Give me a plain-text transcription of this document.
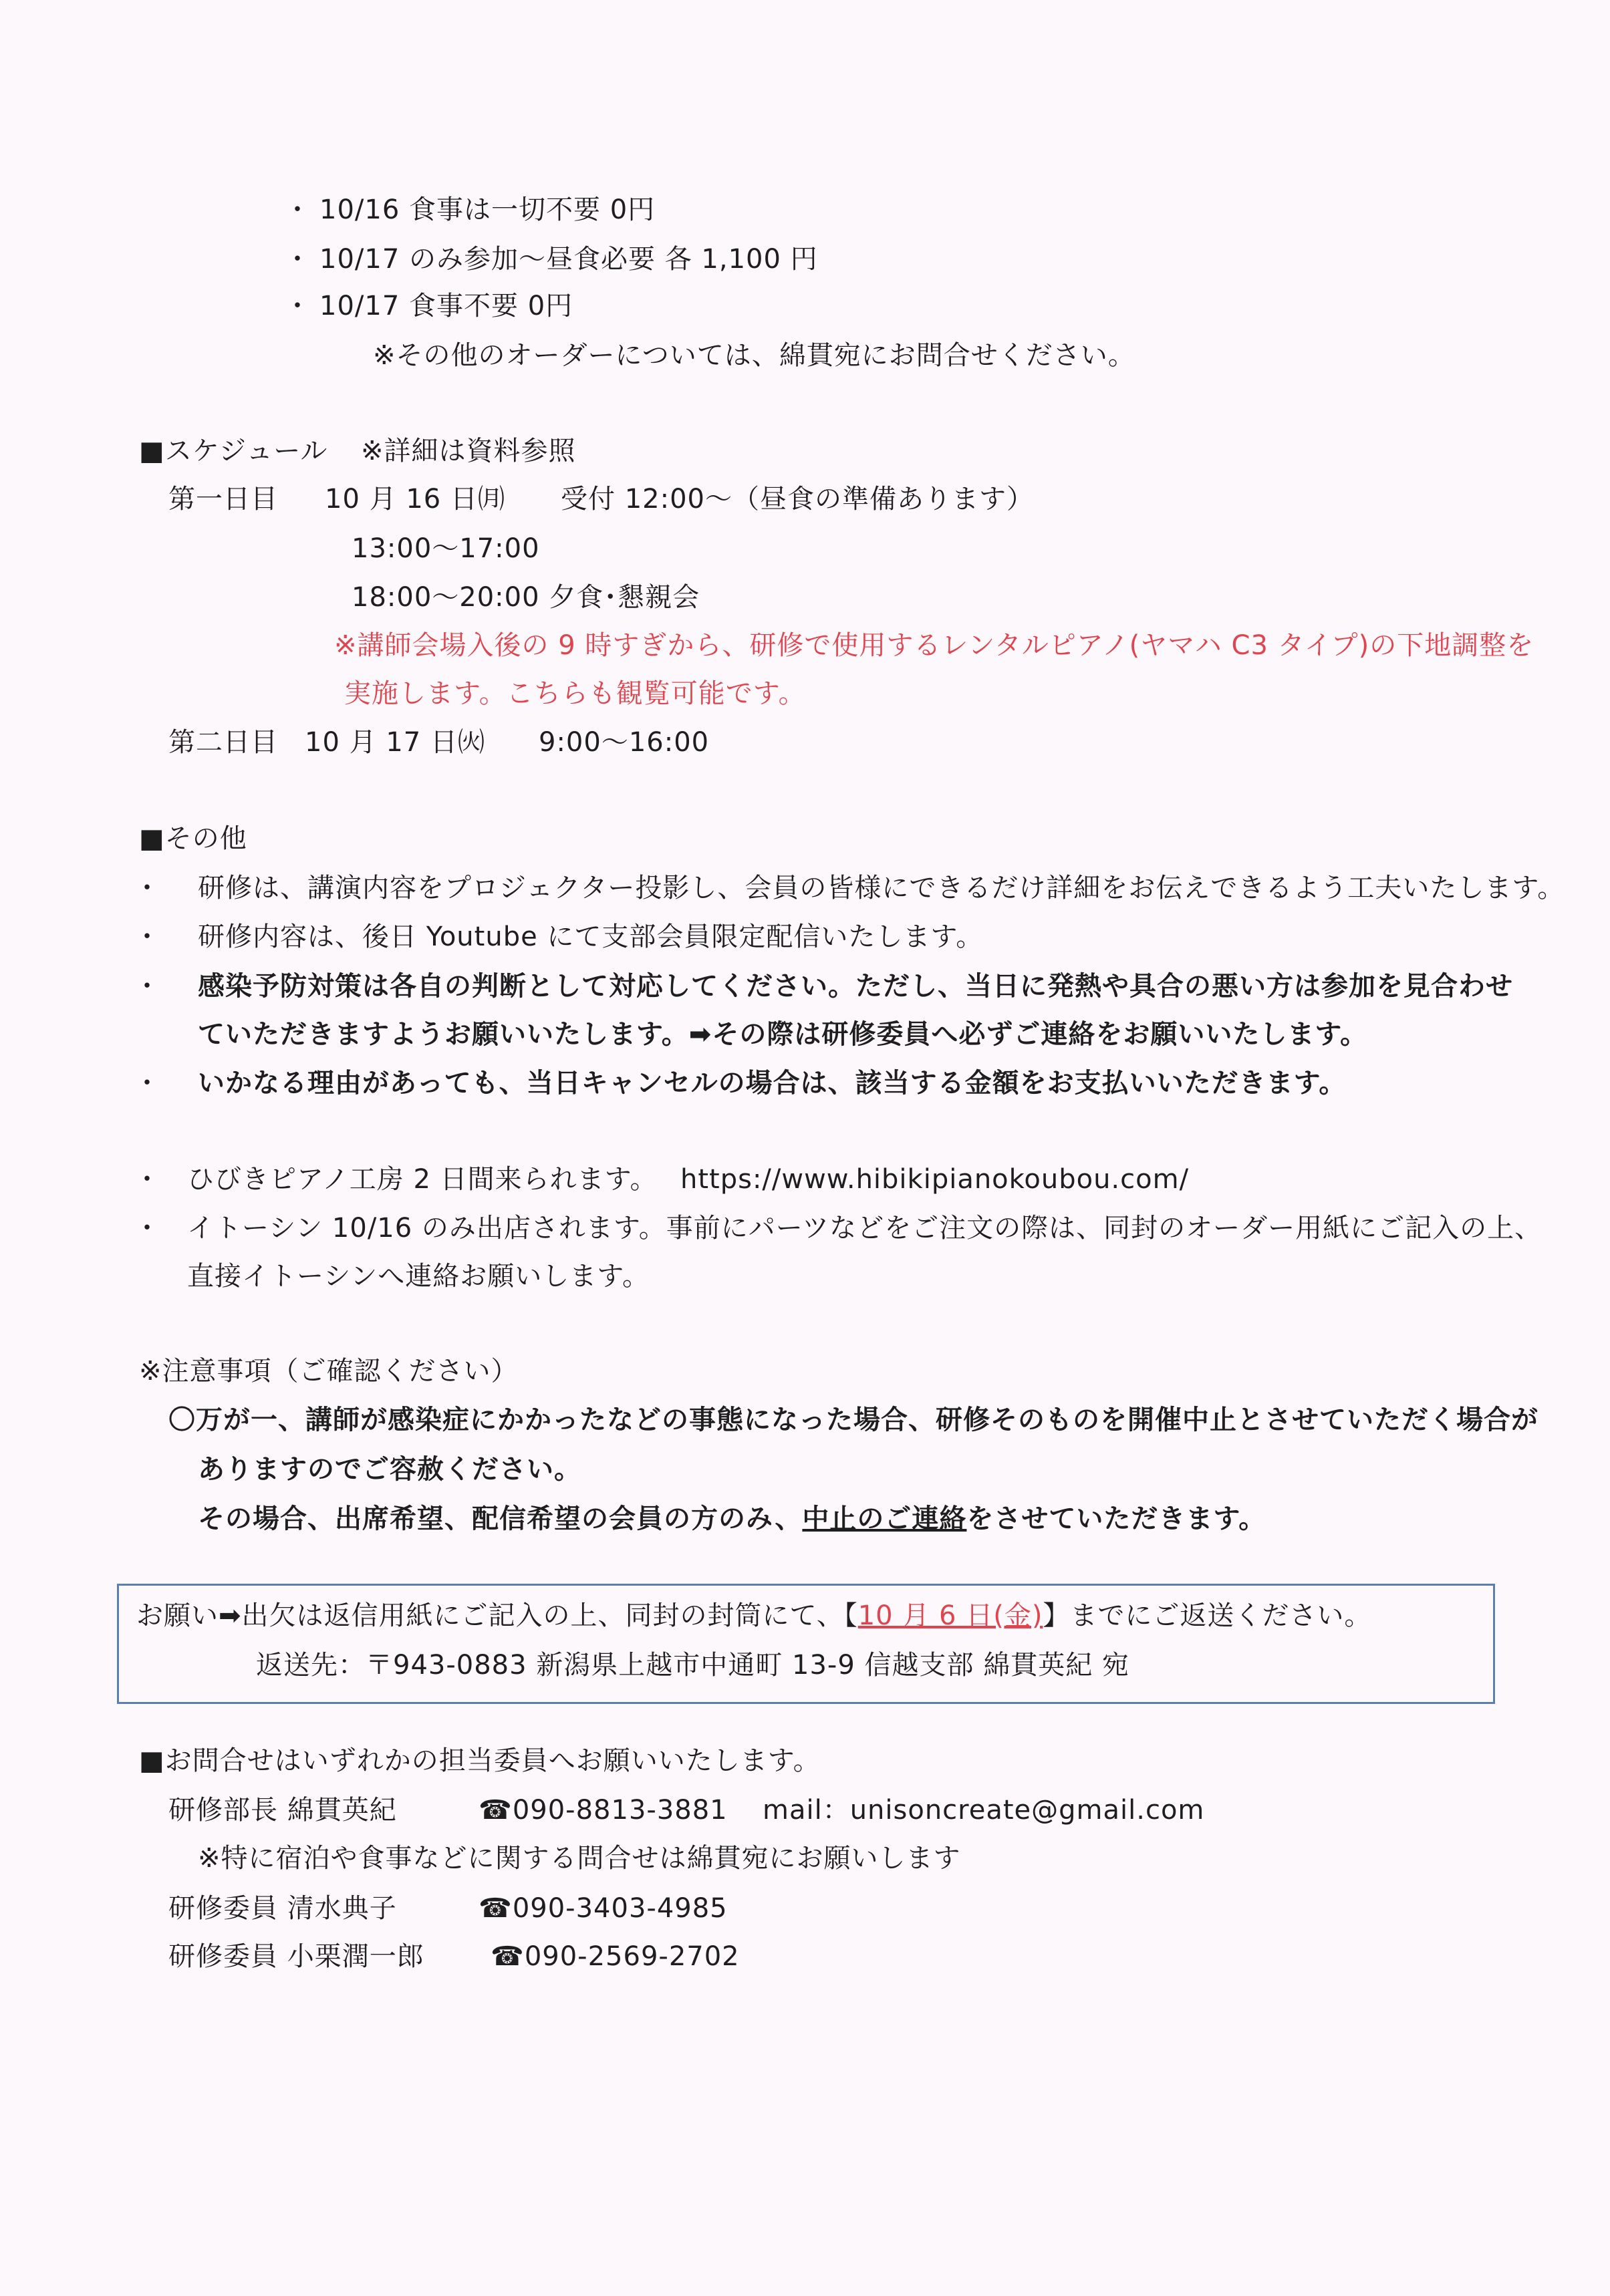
・ 10/16 食事は一切不要 0円
・ 10/17 のみ参加～昼食必要 各 1,100 円
・ 10/17 食事不要 0円
※その他のオーダーについては、綿貫宛にお問合せください。
■スケジュール ※詳細は資料参照
第一日目 10 月 16 日㈪ 受付 12:00～（昼食の準備あります）
13:00～17:00
18:00～20:00 夕食･懇親会
※講師会場入後の 9 時すぎから、研修で使用するレンタルピアノ(ヤマハ C3 タイプ)の下地調整を
実施します。こちらも観覧可能です。
第二日目 10 月 17 日㈫ 9:00～16:00
■その他
・ 研修は、講演内容をプロジェクター投影し、会員の皆様にできるだけ詳細をお伝えできるよう工夫いたします。
・ 研修内容は、後日 Youtube にて支部会員限定配信いたします。
・ 感染予防対策は各自の判断として対応してください。ただし、当日に発熱や具合の悪い方は参加を見合わせ
ていただきますようお願いいたします。➡その際は研修委員へ必ずご連絡をお願いいたします。
・ いかなる理由があっても、当日キャンセルの場合は、該当する金額をお支払いいただきます。
・ ひびきピアノ工房 2 日間来られます。 https://www.hibikipianokoubou.com/
・ イトーシン 10/16 のみ出店されます。事前にパーツなどをご注文の際は、同封のオーダー用紙にご記入の上、
直接イトーシンへ連絡お願いします。
※注意事項（ご確認ください）
〇万が一、講師が感染症にかかったなどの事態になった場合、研修そのものを開催中止とさせていただく場合が
ありますのでご容赦ください。
その場合、出席希望、配信希望の会員の方のみ、中止のご連絡をさせていただきます。
お願い➡出欠は返信用紙にご記入の上、同封の封筒にて、【10 月 6 日(金)】までにご返送ください。
返送先：〒943-0883 新潟県上越市中通町 13-9 信越支部 綿貫英紀 宛
■お問合せはいずれかの担当委員へお願いいたします。
研修部長 綿貫英紀	☎090-8813-3881 mail：unisoncreate@gmail.com
※特に宿泊や食事などに関する問合せは綿貫宛にお願いします
研修委員 清水典子	☎090-3403-4985
研修委員 小栗潤一郎 ☎090-2569-2702
